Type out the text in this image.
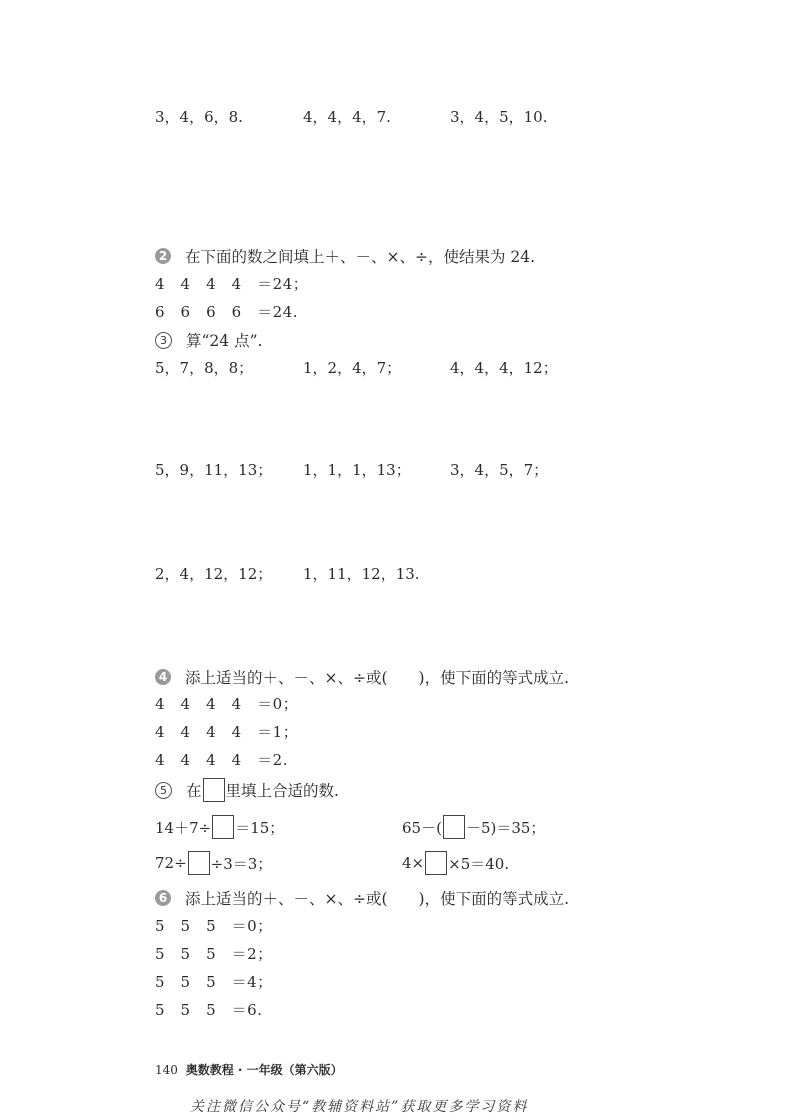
3，4，6，8.	4，4，4，7.	3，4，5，10.
2 在下面的数之间填上＋、－、×、÷，使结果为 24.
4　4　4　4　＝24；
6　6　6　6　＝24.
3	算“24 点”.
5，7，8，8；	1，2，4，7；	4，4，4，12；
5，9，11，13； 1，1，1，13；	3，4，5，7；
2，4，12，12； 1，11，12，13.
4 添上适当的＋、－、×、÷或(　　)，使下面的等式成立.
4　4　4　4　＝0；
4　4　4　4　＝1；
4　4　4　4　＝2.
5	在 里填上合适的数.
14＋7÷ ＝15；	65－( －5)＝35；
72÷ ÷3＝3；	4× ×5＝40.
6 添上适当的＋、－、×、÷或(　　)，使下面的等式成立.
5　5　5　＝0；
5　5　5　＝2；
5　5　5　＝4；
5　5　5　＝6.
140 奥数教程 · 一年级（第六版）
关注微信公众号“教辅资料站”获取更多学习资料
